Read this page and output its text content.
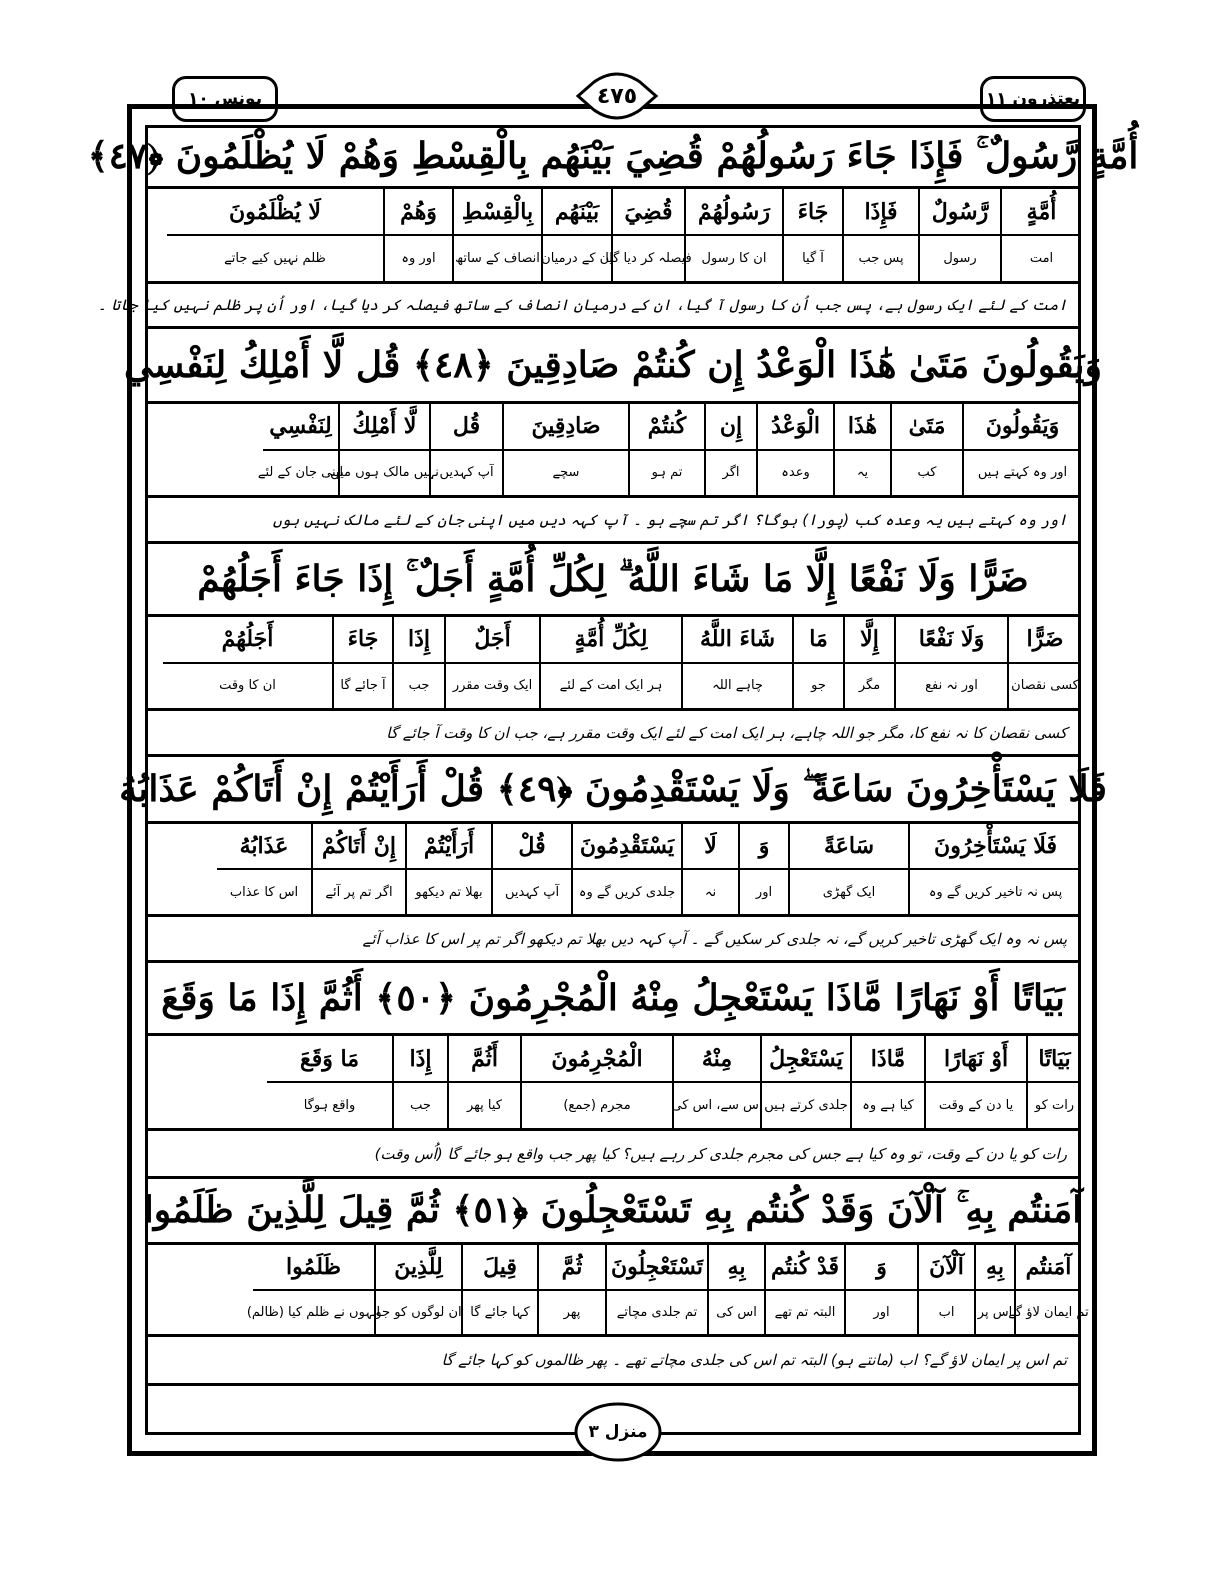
يونس ١٠	يعتذرون ١١
٤٧٥
أُمَّةٍ رَّسُولٌ ۚ فَإِذَا جَاءَ رَسُولُهُمْ قُضِيَ بَيْنَهُم بِالْقِسْطِ وَهُمْ لَا يُظْلَمُونَ ﴿٤٧﴾
أُمَّةٍ
امت
رَّسُولٌ
رسول
فَإِذَا
پس جب
جَاءَ
آ گیا
رَسُولُهُمْ
ان کا رسول
قُضِيَ
فیصلہ کر دیا گیا
بَيْنَهُم
ان کے درمیان
بِالْقِسْطِ
انصاف کے ساتھ
وَهُمْ
اور وہ
لَا يُظْلَمُونَ
ظلم نہیں کیے جاتے
امت کے لئے ایک رسول ہے، پس جب اُن کا رسول آ گیا، ان کے درمیان انصاف کے ساتھ فیصلہ کر دیا گیا، اور اُن پر ظلم نہیں کیا جاتا ۔
وَيَقُولُونَ مَتَىٰ هَٰذَا الْوَعْدُ إِن كُنتُمْ صَادِقِينَ ﴿٤٨﴾ قُل لَّا أَمْلِكُ لِنَفْسِي
وَيَقُولُونَ
اور وہ کہتے ہیں
مَتَىٰ
کب
هَٰذَا
یہ
الْوَعْدُ
وعدہ
إِن
اگر
كُنتُمْ
تم ہو
صَادِقِينَ
سچے
قُل
آپ کہدیں
لَّا أَمْلِكُ
نہیں مالک ہوں میں
لِنَفْسِي
اپنی جان کے لئے
اور وہ کہتے ہیں یہ وعدہ کب (پورا) ہوگا؟ اگر تم سچے ہو ۔ آپ کہہ دیں میں اپنی جان کے لئے مالک نہیں ہوں
ضَرًّا وَلَا نَفْعًا إِلَّا مَا شَاءَ اللَّهُ ۗ لِكُلِّ أُمَّةٍ أَجَلٌ ۚ إِذَا جَاءَ أَجَلُهُمْ
ضَرًّا
کسی نقصان
وَلَا نَفْعًا
اور نہ نفع
إِلَّا
مگر
مَا
جو
شَاءَ اللَّهُ
چاہے اللہ
لِكُلِّ أُمَّةٍ
ہر ایک امت کے لئے
أَجَلٌ
ایک وقت مقرر
إِذَا
جب
جَاءَ
آ جائے گا
أَجَلُهُمْ
ان کا وقت
کسی نقصان کا نہ نفع کا، مگر جو اللہ چاہے، ہر ایک امت کے لئے ایک وقت مقرر ہے، جب ان کا وقت آ جائے گا
فَلَا يَسْتَأْخِرُونَ سَاعَةً ۖ وَلَا يَسْتَقْدِمُونَ ﴿٤٩﴾ قُلْ أَرَأَيْتُمْ إِنْ أَتَاكُمْ عَذَابُهُ
فَلَا يَسْتَأْخِرُونَ
پس نہ تاخیر کریں گے وہ
سَاعَةً
ایک گھڑی
وَ
اور
لَا
نہ
يَسْتَقْدِمُونَ
جلدی کریں گے وہ
قُلْ
آپ کہدیں
أَرَأَيْتُمْ
بھلا تم دیکھو
إِنْ أَتَاكُمْ
اگر تم پر آئے
عَذَابُهُ
اس کا عذاب
پس نہ وہ ایک گھڑی تاخیر کریں گے، نہ جلدی کر سکیں گے ۔ آپ کہہ دیں بھلا تم دیکھو اگر تم پر اس کا عذاب آئے
بَيَاتًا أَوْ نَهَارًا مَّاذَا يَسْتَعْجِلُ مِنْهُ الْمُجْرِمُونَ ﴿٥٠﴾ أَثُمَّ إِذَا مَا وَقَعَ
بَيَاتًا
رات کو
أَوْ نَهَارًا
یا دن کے وقت
مَّاذَا
کیا ہے وہ
يَسْتَعْجِلُ
جلدی کرتے ہیں
مِنْهُ
اس سے، اس کی
الْمُجْرِمُونَ
مجرم (جمع)
أَثُمَّ
کیا پھر
إِذَا
جب
مَا وَقَعَ
واقع ہوگا
رات کو یا دن کے وقت، تو وہ کیا ہے جس کی مجرم جلدی کر رہے ہیں؟ کیا پھر جب واقع ہو جائے گا (اُس وقت)
آمَنتُم بِهِ ۚ آلْآنَ وَقَدْ كُنتُم بِهِ تَسْتَعْجِلُونَ ﴿٥١﴾ ثُمَّ قِيلَ لِلَّذِينَ ظَلَمُوا
آمَنتُم
تم ایمان لاؤ گے
بِهِ
اس پر
آلْآنَ
اب
وَ
اور
قَدْ كُنتُم
البتہ تم تھے
بِهِ
اس کی
تَسْتَعْجِلُونَ
تم جلدی مچاتے
ثُمَّ
پھر
قِيلَ
کہا جائے گا
لِلَّذِينَ
ان لوگوں کو جو
ظَلَمُوا
انہوں نے ظلم کیا (ظالم)
تم اس پر ایمان لاؤ گے؟ اب (مانتے ہو) البتہ تم اس کی جلدی مچاتے تھے ۔ پھر ظالموں کو کہا جائے گا
منزل ٣
